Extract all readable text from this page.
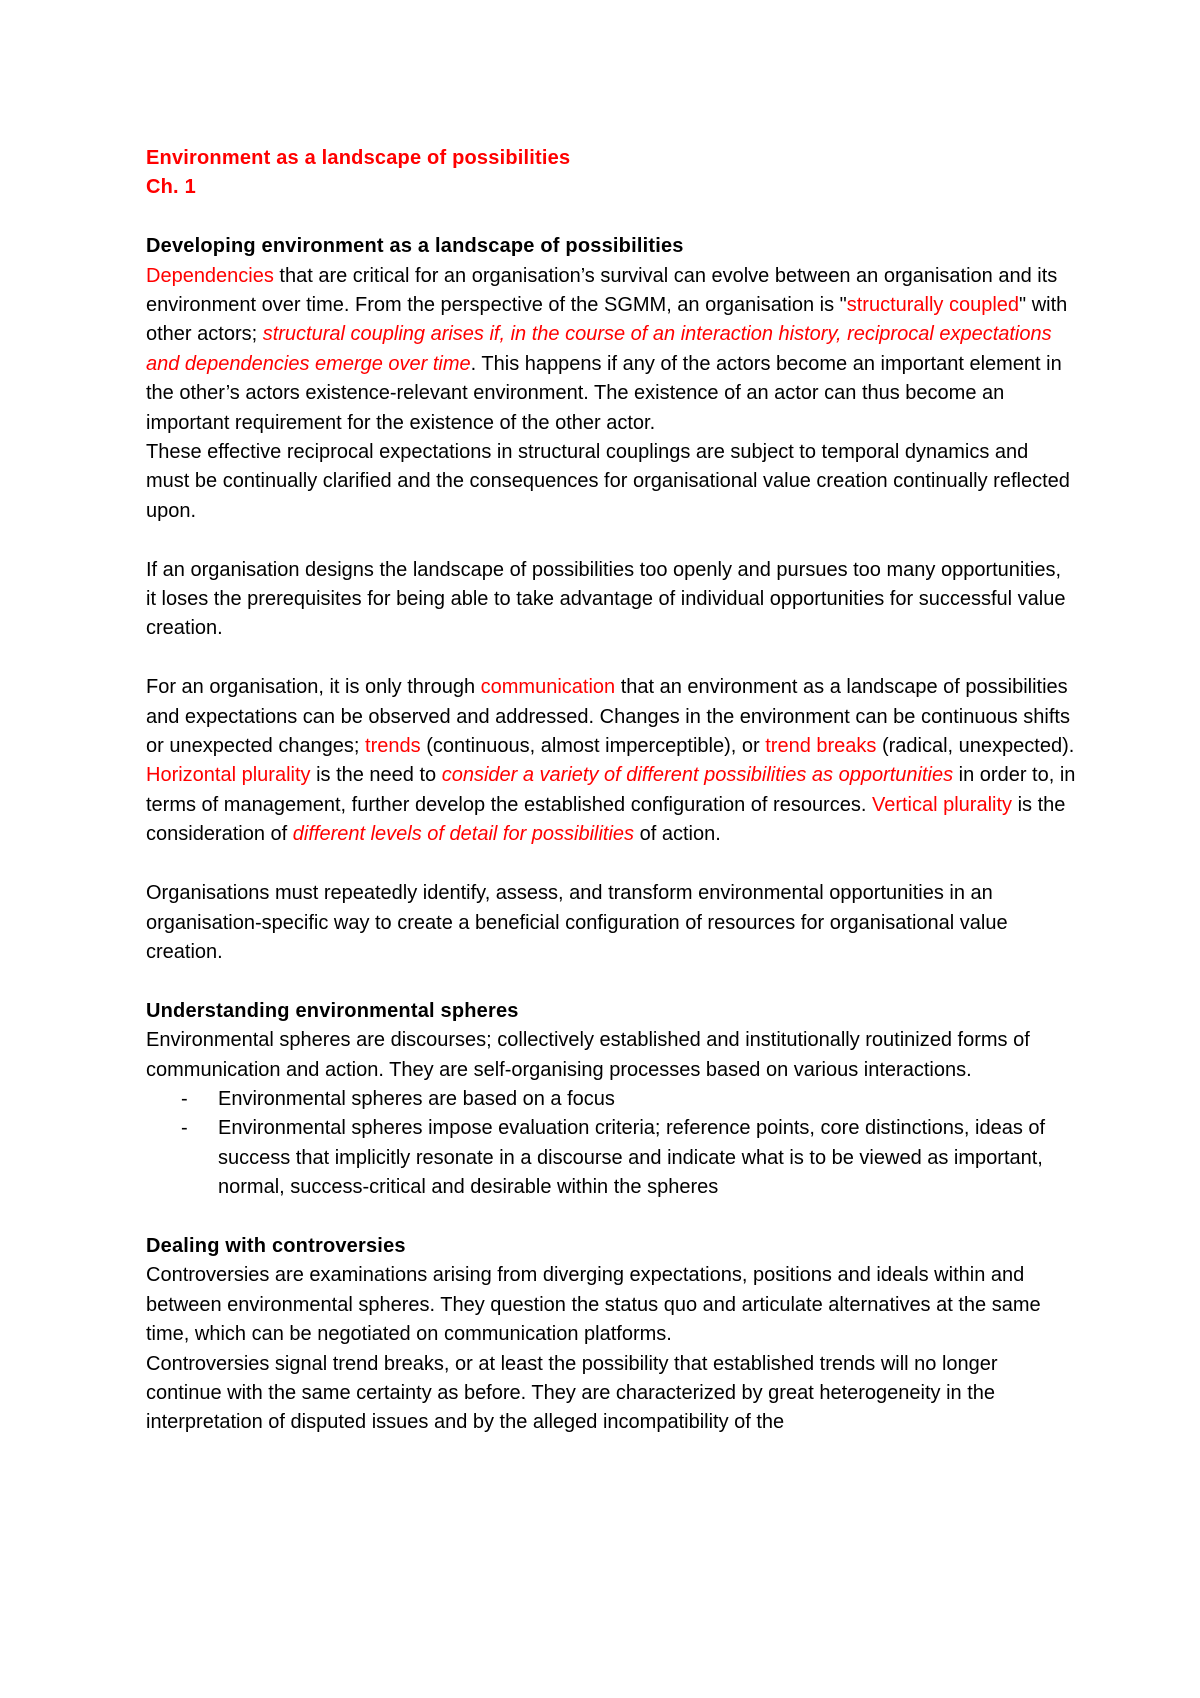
Environment as a landscape of possibilities
Ch. 1
Developing environment as a landscape of possibilities

Dependencies that are critical for an organisation’s survival can evolve between an organisation and its environment over time. From the perspective of the SGMM, an organisation is "structurally coupled" with other actors; structural coupling arises if, in the course of an interaction history, reciprocal expectations and dependencies emerge over time. This happens if any of the actors become an important element in the other’s actors existence-relevant environment. The existence of an actor can thus become an important requirement for the existence of the other actor.

These effective reciprocal expectations in structural couplings are subject to temporal dynamics and must be continually clarified and the consequences for organisational value creation continually reflected upon.

If an organisation designs the landscape of possibilities too openly and pursues too many opportunities, it loses the prerequisites for being able to take advantage of individual opportunities for successful value creation.

For an organisation, it is only through communication that an environment as a landscape of possibilities and expectations can be observed and addressed. Changes in the environment can be continuous shifts or unexpected changes; trends (continuous, almost imperceptible), or trend breaks (radical, unexpected).

Horizontal plurality is the need to consider a variety of different possibilities as opportunities in order to, in terms of management, further develop the established configuration of resources. Vertical plurality is the consideration of different levels of detail for possibilities of action.

Organisations must repeatedly identify, assess, and transform environmental opportunities in an organisation-specific way to create a beneficial configuration of resources for organisational value creation.

Understanding environmental spheres

Environmental spheres are discourses; collectively established and institutionally routinized forms of communication and action. They are self-organising processes based on various interactions.

- Environmental spheres are based on a focus
- Environmental spheres impose evaluation criteria; reference points, core distinctions, ideas of success that implicitly resonate in a discourse and indicate what is to be viewed as important, normal, success-critical and desirable within the spheres
Dealing with controversies

Controversies are examinations arising from diverging expectations, positions and ideals within and between environmental spheres. They question the status quo and articulate alternatives at the same time, which can be negotiated on communication platforms.

Controversies signal trend breaks, or at least the possibility that established trends will no longer continue with the same certainty as before. They are characterized by great heterogeneity in the interpretation of disputed issues and by the alleged incompatibility of the
